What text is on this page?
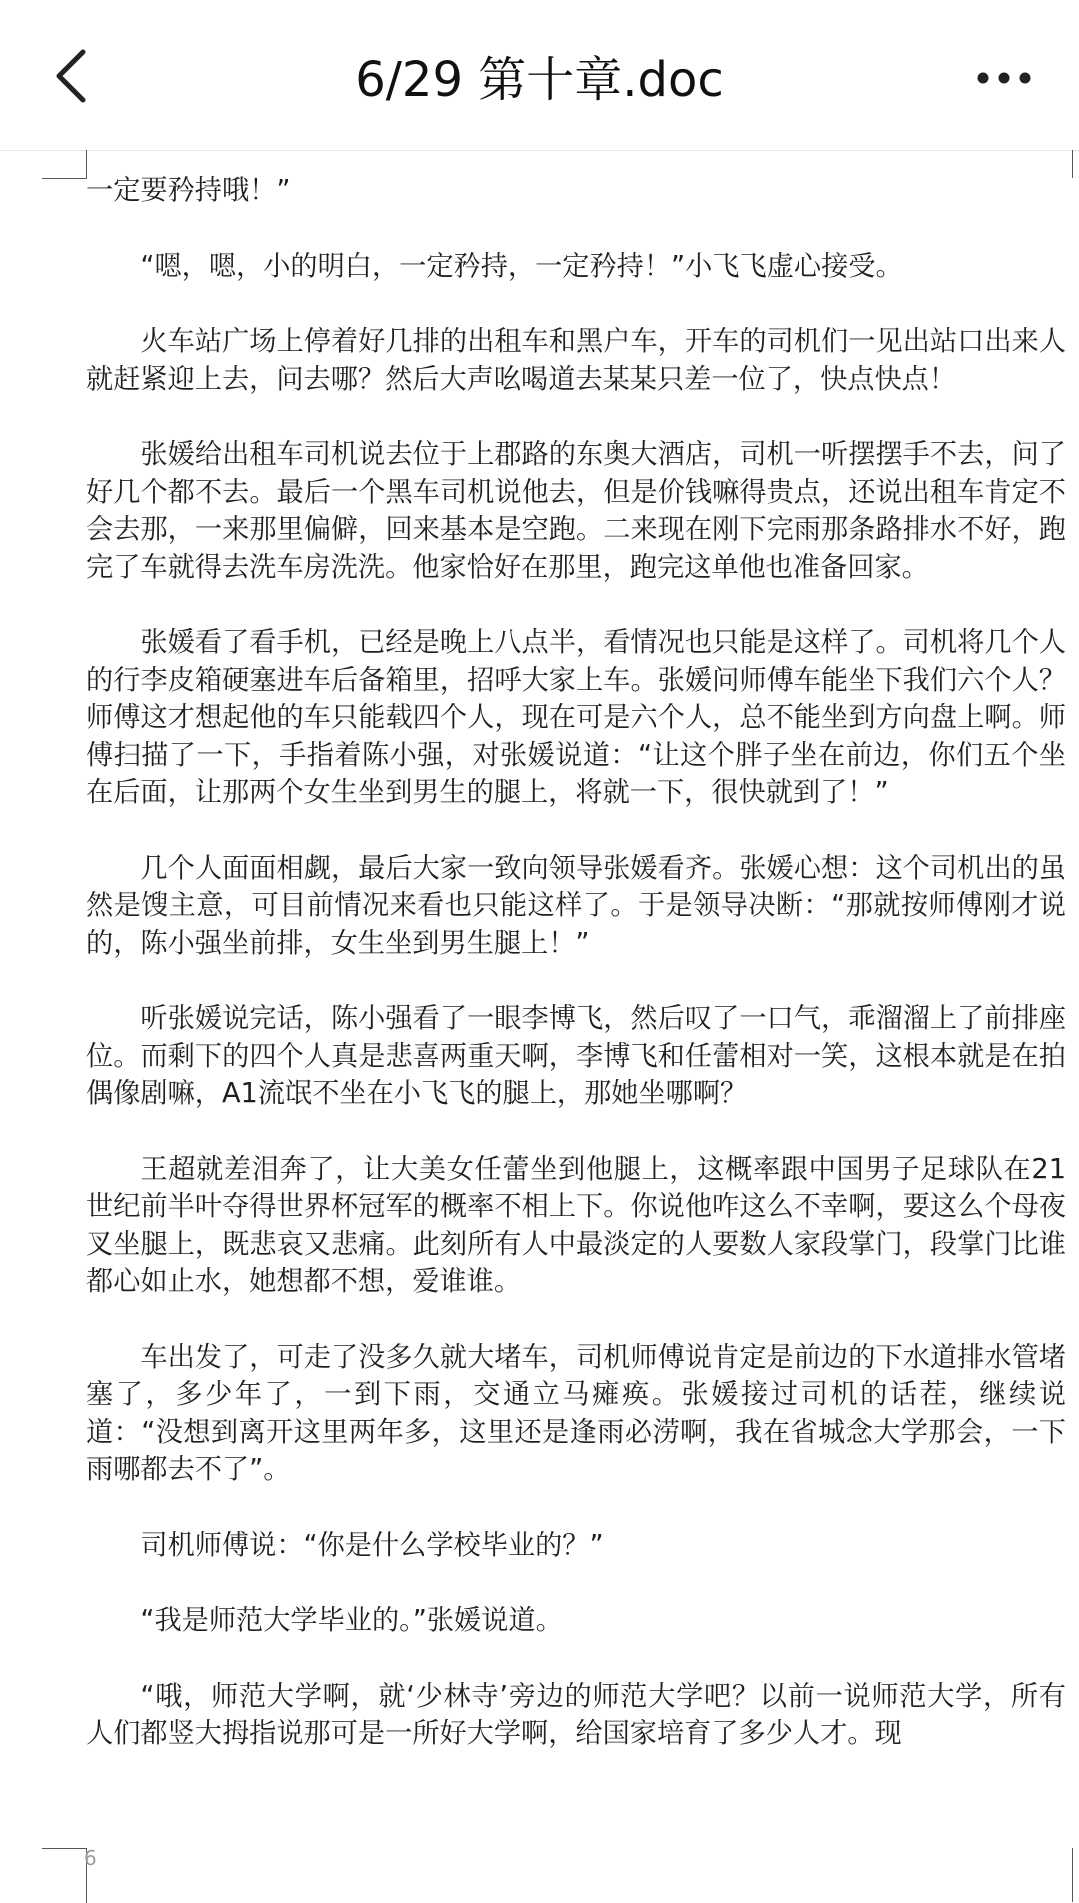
6/29 第十章.doc

一定要矜持哦！”

“嗯，嗯，小的明白，一定矜持，一定矜持！”小飞飞虚心接受。

火车站广场上停着好几排的出租车和黑户车，开车的司机们一见出站口出来人就赶紧迎上去，问去哪？然后大声吆喝道去某某只差一位了，快点快点！

张媛给出租车司机说去位于上郡路的东奥大酒店，司机一听摆摆手不去，问了好几个都不去。最后一个黑车司机说他去，但是价钱嘛得贵点，还说出租车肯定不会去那，一来那里偏僻，回来基本是空跑。二来现在刚下完雨那条路排水不好，跑完了车就得去洗车房洗洗。他家恰好在那里，跑完这单他也准备回家。

张媛看了看手机，已经是晚上八点半，看情况也只能是这样了。司机将几个人的行李皮箱硬塞进车后备箱里，招呼大家上车。张媛问师傅车能坐下我们六个人？师傅这才想起他的车只能载四个人，现在可是六个人，总不能坐到方向盘上啊。师傅扫描了一下，手指着陈小强，对张媛说道：“让这个胖子坐在前边，你们五个坐在后面，让那两个女生坐到男生的腿上，将就一下，很快就到了！”

几个人面面相觑，最后大家一致向领导张媛看齐。张媛心想：这个司机出的虽然是馊主意，可目前情况来看也只能这样了。于是领导决断：“那就按师傅刚才说的，陈小强坐前排，女生坐到男生腿上！”

听张媛说完话，陈小强看了一眼李博飞，然后叹了一口气，乖溜溜上了前排座位。而剩下的四个人真是悲喜两重天啊，李博飞和任蕾相对一笑，这根本就是在拍偶像剧嘛，A1流氓不坐在小飞飞的腿上，那她坐哪啊？

王超就差泪奔了，让大美女任蕾坐到他腿上，这概率跟中国男子足球队在21世纪前半叶夺得世界杯冠军的概率不相上下。你说他咋这么不幸啊，要这么个母夜叉坐腿上，既悲哀又悲痛。此刻所有人中最淡定的人要数人家段掌门，段掌门比谁都心如止水，她想都不想，爱谁谁。

车出发了，可走了没多久就大堵车，司机师傅说肯定是前边的下水道排水管堵塞了，多少年了，一到下雨，交通立马瘫痪。张媛接过司机的话茬，继续说道：“没想到离开这里两年多，这里还是逢雨必涝啊，我在省城念大学那会，一下雨哪都去不了”。

司机师傅说：“你是什么学校毕业的？”

“我是师范大学毕业的。”张媛说道。

“哦，师范大学啊，就‘少林寺’旁边的师范大学吧？以前一说师范大学，所有人们都竖大拇指说那可是一所好大学啊，给国家培育了多少人才。现

6
